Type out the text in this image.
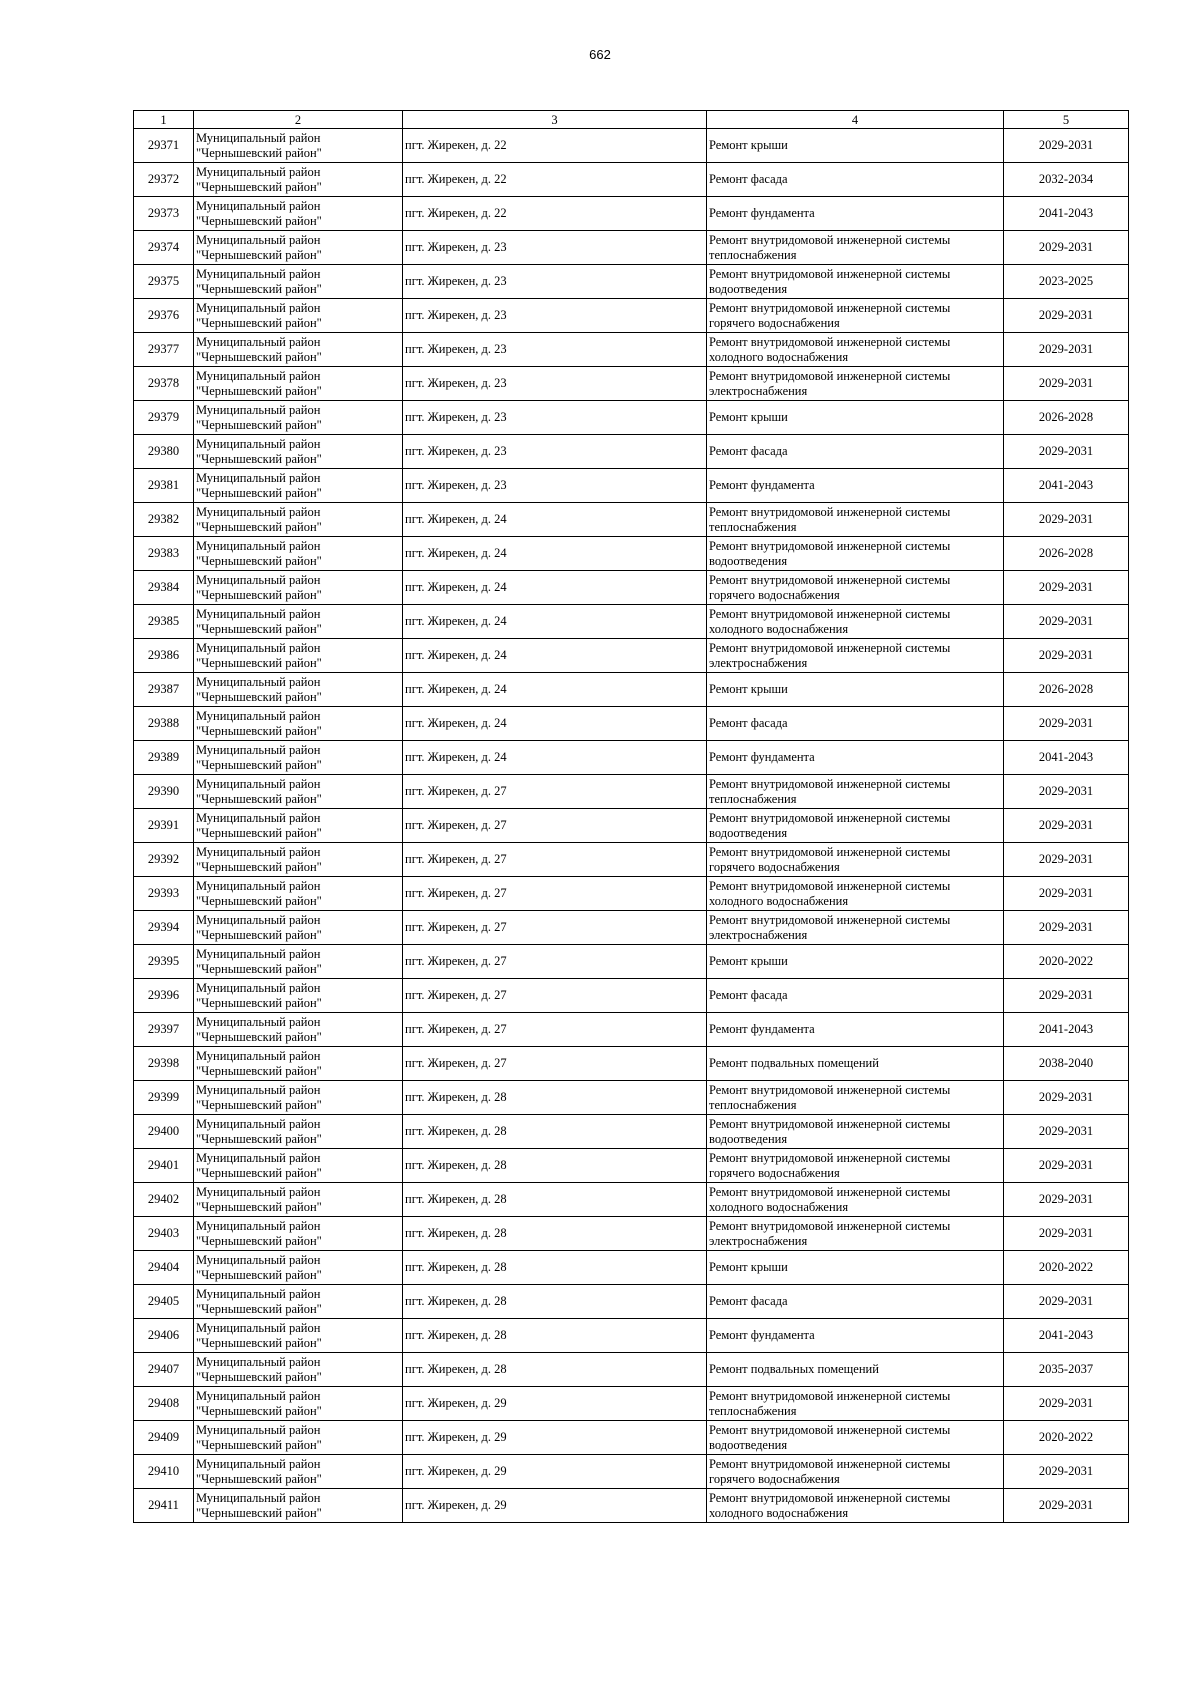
662
1	2	3	4	5
29371	Муниципальный район
"Чернышевский район"	пгт. Жирекен, д. 22	Ремонт крыши	2029-2031
29372	Муниципальный район
"Чернышевский район"	пгт. Жирекен, д. 22	Ремонт фасада	2032-2034
29373	Муниципальный район
"Чернышевский район"	пгт. Жирекен, д. 22	Ремонт фундамента	2041-2043
29374	Муниципальный район
"Чернышевский район"	пгт. Жирекен, д. 23	Ремонт внутридомовой инженерной системы
теплоснабжения	2029-2031
29375	Муниципальный район
"Чернышевский район"	пгт. Жирекен, д. 23	Ремонт внутридомовой инженерной системы
водоотведения	2023-2025
29376	Муниципальный район
"Чернышевский район"	пгт. Жирекен, д. 23	Ремонт внутридомовой инженерной системы
горячего водоснабжения	2029-2031
29377	Муниципальный район
"Чернышевский район"	пгт. Жирекен, д. 23	Ремонт внутридомовой инженерной системы
холодного водоснабжения	2029-2031
29378	Муниципальный район
"Чернышевский район"	пгт. Жирекен, д. 23	Ремонт внутридомовой инженерной системы
электроснабжения	2029-2031
29379	Муниципальный район
"Чернышевский район"	пгт. Жирекен, д. 23	Ремонт крыши	2026-2028
29380	Муниципальный район
"Чернышевский район"	пгт. Жирекен, д. 23	Ремонт фасада	2029-2031
29381	Муниципальный район
"Чернышевский район"	пгт. Жирекен, д. 23	Ремонт фундамента	2041-2043
29382	Муниципальный район
"Чернышевский район"	пгт. Жирекен, д. 24	Ремонт внутридомовой инженерной системы
теплоснабжения	2029-2031
29383	Муниципальный район
"Чернышевский район"	пгт. Жирекен, д. 24	Ремонт внутридомовой инженерной системы
водоотведения	2026-2028
29384	Муниципальный район
"Чернышевский район"	пгт. Жирекен, д. 24	Ремонт внутридомовой инженерной системы
горячего водоснабжения	2029-2031
29385	Муниципальный район
"Чернышевский район"	пгт. Жирекен, д. 24	Ремонт внутридомовой инженерной системы
холодного водоснабжения	2029-2031
29386	Муниципальный район
"Чернышевский район"	пгт. Жирекен, д. 24	Ремонт внутридомовой инженерной системы
электроснабжения	2029-2031
29387	Муниципальный район
"Чернышевский район"	пгт. Жирекен, д. 24	Ремонт крыши	2026-2028
29388	Муниципальный район
"Чернышевский район"	пгт. Жирекен, д. 24	Ремонт фасада	2029-2031
29389	Муниципальный район
"Чернышевский район"	пгт. Жирекен, д. 24	Ремонт фундамента	2041-2043
29390	Муниципальный район
"Чернышевский район"	пгт. Жирекен, д. 27	Ремонт внутридомовой инженерной системы
теплоснабжения	2029-2031
29391	Муниципальный район
"Чернышевский район"	пгт. Жирекен, д. 27	Ремонт внутридомовой инженерной системы
водоотведения	2029-2031
29392	Муниципальный район
"Чернышевский район"	пгт. Жирекен, д. 27	Ремонт внутридомовой инженерной системы
горячего водоснабжения	2029-2031
29393	Муниципальный район
"Чернышевский район"	пгт. Жирекен, д. 27	Ремонт внутридомовой инженерной системы
холодного водоснабжения	2029-2031
29394	Муниципальный район
"Чернышевский район"	пгт. Жирекен, д. 27	Ремонт внутридомовой инженерной системы
электроснабжения	2029-2031
29395	Муниципальный район
"Чернышевский район"	пгт. Жирекен, д. 27	Ремонт крыши	2020-2022
29396	Муниципальный район
"Чернышевский район"	пгт. Жирекен, д. 27	Ремонт фасада	2029-2031
29397	Муниципальный район
"Чернышевский район"	пгт. Жирекен, д. 27	Ремонт фундамента	2041-2043
29398	Муниципальный район
"Чернышевский район"	пгт. Жирекен, д. 27	Ремонт подвальных помещений	2038-2040
29399	Муниципальный район
"Чернышевский район"	пгт. Жирекен, д. 28	Ремонт внутридомовой инженерной системы
теплоснабжения	2029-2031
29400	Муниципальный район
"Чернышевский район"	пгт. Жирекен, д. 28	Ремонт внутридомовой инженерной системы
водоотведения	2029-2031
29401	Муниципальный район
"Чернышевский район"	пгт. Жирекен, д. 28	Ремонт внутридомовой инженерной системы
горячего водоснабжения	2029-2031
29402	Муниципальный район
"Чернышевский район"	пгт. Жирекен, д. 28	Ремонт внутридомовой инженерной системы
холодного водоснабжения	2029-2031
29403	Муниципальный район
"Чернышевский район"	пгт. Жирекен, д. 28	Ремонт внутридомовой инженерной системы
электроснабжения	2029-2031
29404	Муниципальный район
"Чернышевский район"	пгт. Жирекен, д. 28	Ремонт крыши	2020-2022
29405	Муниципальный район
"Чернышевский район"	пгт. Жирекен, д. 28	Ремонт фасада	2029-2031
29406	Муниципальный район
"Чернышевский район"	пгт. Жирекен, д. 28	Ремонт фундамента	2041-2043
29407	Муниципальный район
"Чернышевский район"	пгт. Жирекен, д. 28	Ремонт подвальных помещений	2035-2037
29408	Муниципальный район
"Чернышевский район"	пгт. Жирекен, д. 29	Ремонт внутридомовой инженерной системы
теплоснабжения	2029-2031
29409	Муниципальный район
"Чернышевский район"	пгт. Жирекен, д. 29	Ремонт внутридомовой инженерной системы
водоотведения	2020-2022
29410	Муниципальный район
"Чернышевский район"	пгт. Жирекен, д. 29	Ремонт внутридомовой инженерной системы
горячего водоснабжения	2029-2031
29411	Муниципальный район
"Чернышевский район"	пгт. Жирекен, д. 29	Ремонт внутридомовой инженерной системы
холодного водоснабжения	2029-2031
